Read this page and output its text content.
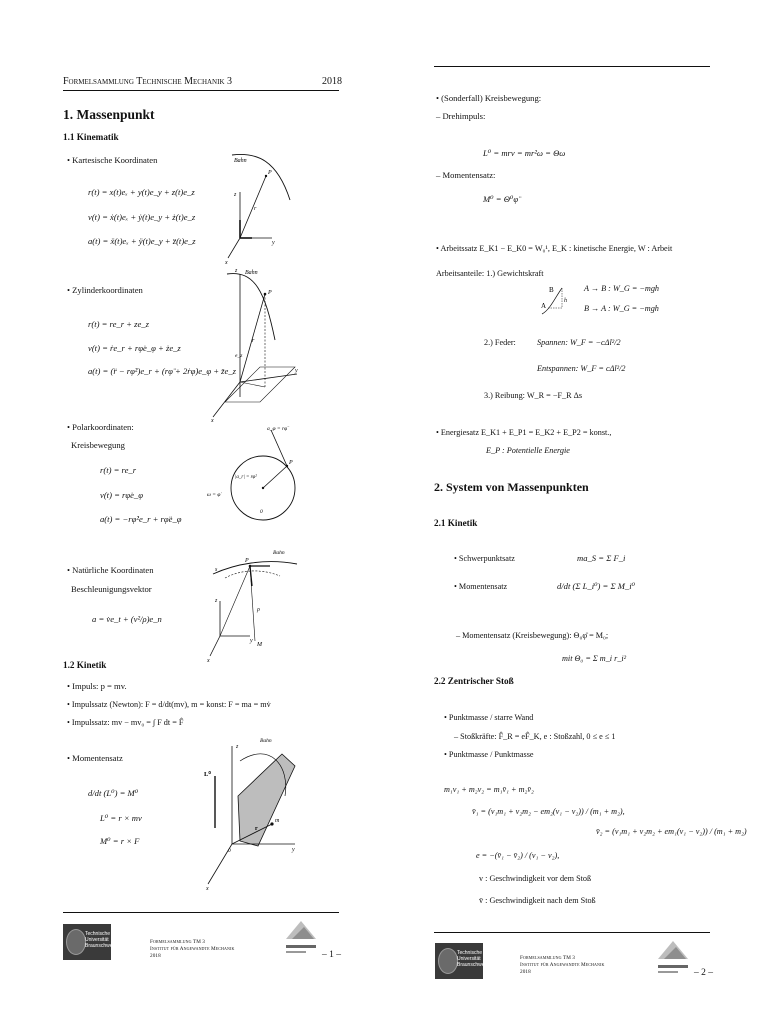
Formelsammlung Technische Mechanik 3	2018
1. Massenpunkt
1.1 Kinematik
• Kartesische Koordinaten
r(t) = x(t)eₓ + y(t)e_y + z(t)e_z
v(t) = ẋ(t)eₓ + ẏ(t)e_y + ż(t)e_z
a(t) = ẍ(t)eₓ + ÿ(t)e_y + z̈(t)e_z
Bahn
P
z
y
x
r
• Zylinderkoordinaten
r(t) = re_r + ze_z
v(t) = ṙe_r + rφ̇e_φ + że_z
a(t) = (r̈ − rφ̇²)e_r + (rφ̈ + 2ṙφ̇)e_φ + z̈e_z
Bahn
P
z
y
x
e_z
r
• Polarkoordinaten:
Kreisbewegung
r(t) = re_r
v(t) = rφ̇e_φ
a(t) = −rφ̇²e_r + rφ̈e_φ
a_φ = rφ̈
|a_r| = rφ̇²
ω = φ̇
0
P
• Natürliche Koordinaten
Beschleunigungsvektor
a = v̇e_t + (v²/ρ)e_n
Bahn
P
s
M
z
y
x
ρ
1.2 Kinetik
• Impuls: p = mv.
• Impulssatz (Newton): F = d/dt(mv), m = konst: F = ma = mv̇
• Impulssatz: mv − mv₀ = ∫ F dt = F̂
• Momentensatz
d/dt (L⁰) = M⁰
L⁰ = r × mv
M⁰ = r × F
Bahn
L⁰
z
y
x
m
r
0
Technische
Universität
Braunschweig
Formelsammlung TM 3
Institut für Angewandte Mechanik
2018	– 1 –
• (Sonderfall) Kreisbewegung:
– Drehimpuls:
L⁰ = mrv = mr²ω = Θω
– Momentensatz:
M⁰ = Θ⁰φ̈
• Arbeitssatz E_K1 − E_K0 = W₀¹, E_K : kinetische Energie, W : Arbeit
Arbeitsanteile: 1.) Gewichtskraft
B
A
h
A → B : W_G = −mgh
B → A : W_G = −mgh
2.) Feder:	Spannen: W_F = −cΔl²/2
Entspannen: W_F = cΔl²/2
3.) Reibung: W_R = −F_R Δs
• Energiesatz E_K1 + E_P1 = E_K2 + E_P2 = konst.,
E_P : Potentielle Energie
2. System von Massenpunkten
2.1 Kinetik
• Schwerpunktsatz	ma_S = Σ F_i
• Momentensatz	d/dt (Σ L_i⁰) = Σ M_i⁰
– Momentensatz (Kreisbewegung): Θ₀φ̈ = M₀;
mit Θ₀ = Σ m_i r_i²
2.2 Zentrischer Stoß
• Punktmasse / starre Wand
– Stoßkräfte: F̂_R = eF̂_K, e : Stoßzahl, 0 ≤ e ≤ 1
• Punktmasse / Punktmasse
m₁v₁ + m₂v₂ = m₁v̄₁ + m₂v̄₂
v̄₁ = (v₁m₁ + v₂m₂ − em₂(v₁ − v₂)) / (m₁ + m₂),
v̄₂ = (v₁m₁ + v₂m₂ + em₁(v₁ − v₂)) / (m₁ + m₂)
e = −(v̄₁ − v̄₂) / (v₁ − v₂),
v : Geschwindigkeit vor dem Stoß
v̄ : Geschwindigkeit nach dem Stoß
Technische
Universität
Braunschweig
Formelsammlung TM 3
Institut für Angewandte Mechanik
2018	– 2 –
